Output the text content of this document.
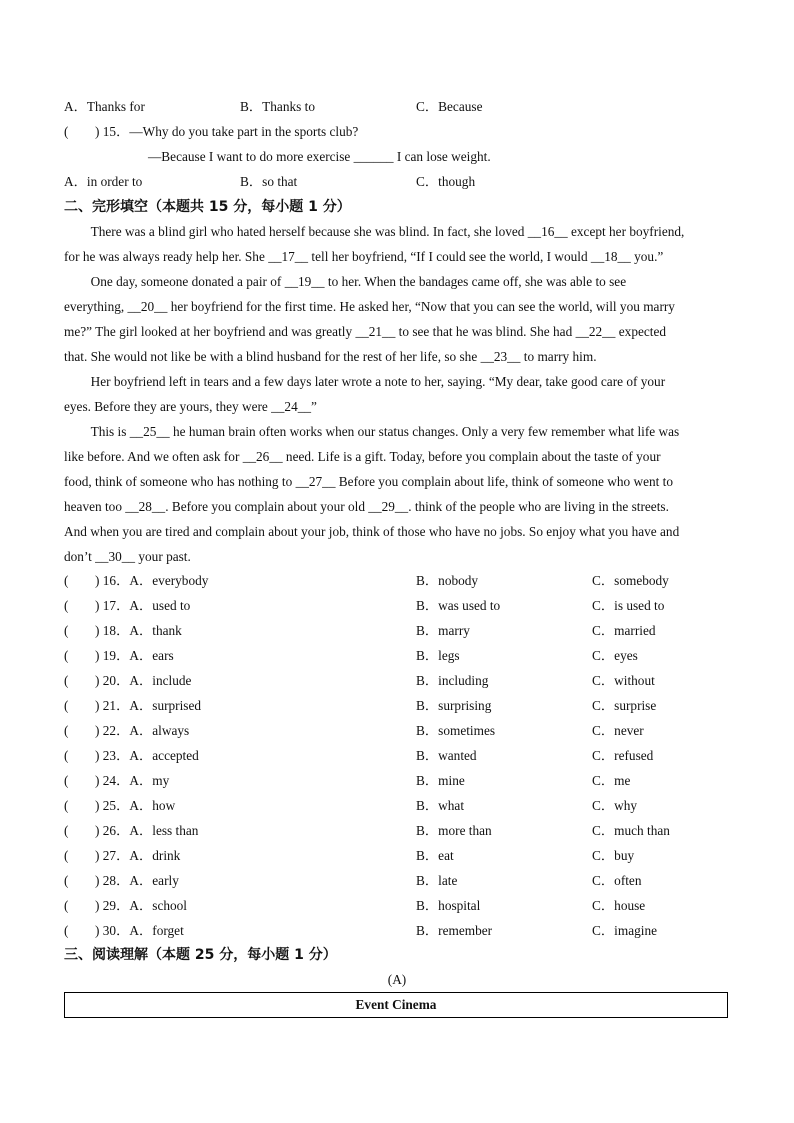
A．Thanks for	B．Thanks to	C．Because
(　　) 15．—Why do you take part in the sports club?
—Because I want to do more exercise ______ I can lose weight.
A．in order to	B．so that	C．though
二、完形填空（本题共 15 分，每小题 1 分）
　　There was a blind girl who hated herself because she was blind. In fact, she loved __16__ except her boyfriend,
for he was always ready help her. She __17__ tell her boyfriend, “If I could see the world, I would __18__ you.”
　　One day, someone donated a pair of __19__ to her. When the bandages came off, she was able to see
everything, __20__ her boyfriend for the first time. He asked her, “Now that you can see the world, will you marry
me?” The girl looked at her boyfriend and was greatly __21__ to see that he was blind. She had __22__ expected
that. She would not like be with a blind husband for the rest of her life, so she __23__ to marry him.
　　Her boyfriend left in tears and a few days later wrote a note to her, saying. “My dear, take good care of your
eyes. Before they are yours, they were __24__”
　　This is __25__ he human brain often works when our status changes. Only a very few remember what life was
like before. And we often ask for __26__ need. Life is a gift. Today, before you complain about the taste of your
food, think of someone who has nothing to __27__ Before you complain about life, think of someone who went to
heaven too __28__. Before you complain about your old __29__. think of the people who are living in the streets.
And when you are tired and complain about your job, think of those who have no jobs. So enjoy what you have and
don’t __30__ your past.
(　　) 16．A．everybody	B．nobody	C．somebody
(　　) 17．A．used to	B．was used to	C．is used to
(　　) 18．A．thank	B．marry	C．married
(　　) 19．A．ears	B．legs	C．eyes
(　　) 20．A．include	B．including	C．without
(　　) 21．A．surprised	B．surprising	C．surprise
(　　) 22．A．always	B．sometimes	C．never
(　　) 23．A．accepted	B．wanted	C．refused
(　　) 24．A．my	B．mine	C．me
(　　) 25．A．how	B．what	C．why
(　　) 26．A．less than	B．more than	C．much than
(　　) 27．A．drink	B．eat	C．buy
(　　) 28．A．early	B．late	C．often
(　　) 29．A．school	B．hospital	C．house
(　　) 30．A．forget	B．remember	C．imagine
三、阅读理解（本题 25 分，每小题 1 分）
(A)
Event Cinema
